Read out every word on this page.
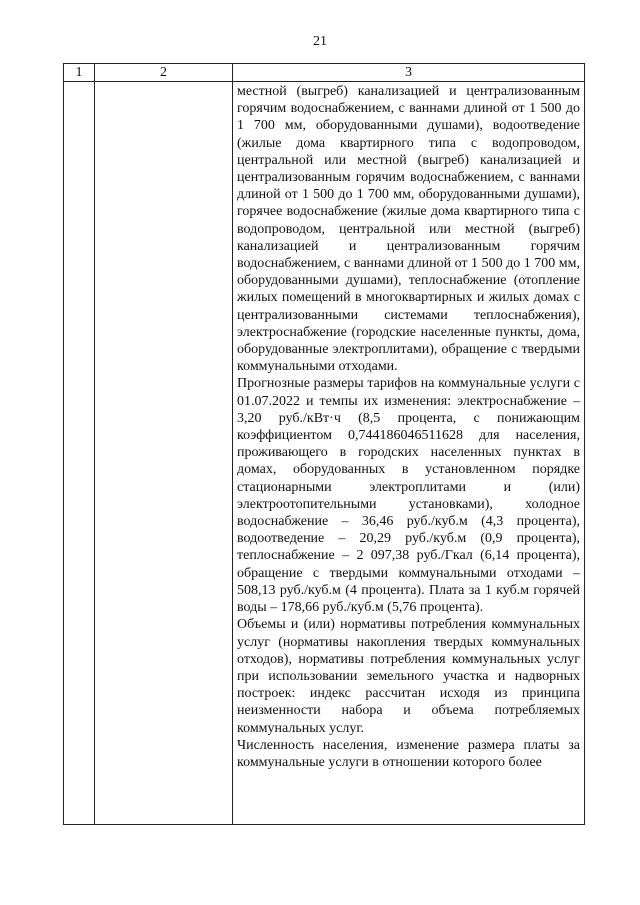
21
1	2	3

		местной (выгреб) канализацией и централизованным горячим водоснабжением, с ваннами длиной от 1 500 до 1 700 мм, оборудованными душами), водоотведение (жилые дома квартирного типа с водопроводом, центральной или местной (выгреб) канализацией и централизованным горячим водоснабжением, с ваннами длиной от 1 500 до 1 700 мм, оборудованными душами), горячее водоснабжение (жилые дома квартирного типа с водопроводом, центральной или местной (выгреб) канализацией и централизованным горячим водоснабжением, с ваннами длиной от 1 500 до 1 700 мм, оборудованными душами), теплоснабжение (отопление жилых помещений в многоквартирных и жилых домах с централизованными системами теплоснабжения), электроснабжение (городские населенные пункты, дома, оборудованные электроплитами), обращение с твердыми коммунальными отходами.

Прогнозные размеры тарифов на коммунальные услуги с 01.07.2022 и темпы их изменения: электроснабжение – 3,20 руб./кВт·ч (8,5 процента, с понижающим коэффициентом 0,744186046511628 для населения, проживающего в городских населенных пунктах в домах, оборудованных в установленном порядке стационарными электроплитами и (или) электроотопительными установками), холодное водоснабжение – 36,46 руб./куб.м (4,3 процента), водоотведение – 20,29 руб./куб.м (0,9 процента), теплоснабжение – 2 097,38 руб./Гкал (6,14 процента), обращение с твердыми коммунальными отходами – 508,13 руб./куб.м (4 процента). Плата за 1 куб.м горячей воды – 178,66 руб./куб.м (5,76 процента).

Объемы и (или) нормативы потребления коммунальных услуг (нормативы накопления твердых коммунальных отходов), нормативы потребления коммунальных услуг при использовании земельного участка и надворных построек: индекс рассчитан исходя из принципа неизменности набора и объема потребляемых коммунальных услуг.

Численность населения, изменение размера платы за коммунальные услуги в отношении которого более
